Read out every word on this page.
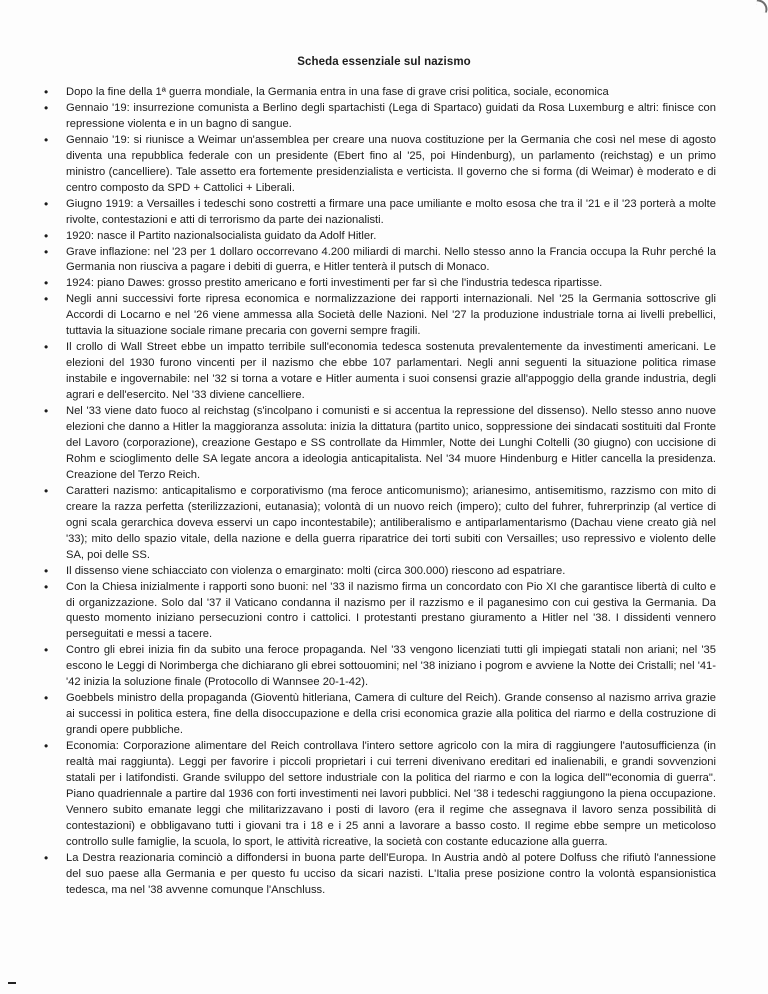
Scheda essenziale sul nazismo
• Dopo la fine della 1ª guerra mondiale, la Germania entra in una fase di grave crisi politica, sociale, economica
• Gennaio '19: insurrezione comunista a Berlino degli spartachisti (Lega di Spartaco) guidati da Rosa Luxemburg e altri: finisce con repressione violenta e in un bagno di sangue.
• Gennaio '19: si riunisce a Weimar un'assemblea per creare una nuova costituzione per la Germania che così nel mese di agosto diventa una repubblica federale con un presidente (Ebert fino al '25, poi Hindenburg), un parlamento (reichstag) e un primo ministro (cancelliere). Tale assetto era fortemente presidenzialista e verticista. Il governo che si forma (di Weimar) è moderato e di centro composto da SPD + Cattolici + Liberali.
• Giugno 1919: a Versailles i tedeschi sono costretti a firmare una pace umiliante e molto esosa che tra il '21 e il '23 porterà a molte rivolte, contestazioni e atti di terrorismo da parte dei nazionalisti.
• 1920: nasce il Partito nazionalsocialista guidato da Adolf Hitler.
• Grave inflazione: nel '23 per 1 dollaro occorrevano 4.200 miliardi di marchi. Nello stesso anno la Francia occupa la Ruhr perché la Germania non riusciva a pagare i debiti di guerra, e Hitler tenterà il putsch di Monaco.
• 1924: piano Dawes: grosso prestito americano e forti investimenti per far sì che l'industria tedesca ripartisse.
• Negli anni successivi forte ripresa economica e normalizzazione dei rapporti internazionali. Nel '25 la Germania sottoscrive gli Accordi di Locarno e nel '26 viene ammessa alla Società delle Nazioni. Nel '27 la produzione industriale torna ai livelli prebellici, tuttavia la situazione sociale rimane precaria con governi sempre fragili.
• Il crollo di Wall Street ebbe un impatto terribile sull'economia tedesca sostenuta prevalentemente da investimenti americani. Le elezioni del 1930 furono vincenti per il nazismo che ebbe 107 parlamentari. Negli anni seguenti la situazione politica rimase instabile e ingovernabile: nel '32 si torna a votare e Hitler aumenta i suoi consensi grazie all'appoggio della grande industria, degli agrari e dell'esercito. Nel '33 diviene cancelliere.
• Nel '33 viene dato fuoco al reichstag (s'incolpano i comunisti e si accentua la repressione del dissenso). Nello stesso anno nuove elezioni che danno a Hitler la maggioranza assoluta: inizia la dittatura (partito unico, soppressione dei sindacati sostituiti dal Fronte del Lavoro (corporazione), creazione Gestapo e SS controllate da Himmler, Notte dei Lunghi Coltelli (30 giugno) con uccisione di Rohm e scioglimento delle SA legate ancora a ideologia anticapitalista. Nel '34 muore Hindenburg e Hitler cancella la presidenza. Creazione del Terzo Reich.
• Caratteri nazismo: anticapitalismo e corporativismo (ma feroce anticomunismo); arianesimo, antisemitismo, razzismo con mito di creare la razza perfetta (sterilizzazioni, eutanasia); volontà di un nuovo reich (impero); culto del fuhrer, fuhrerprinzip (al vertice di ogni scala gerarchica doveva esservi un capo incontestabile); antiliberalismo e antiparlamentarismo (Dachau viene creato già nel '33); mito dello spazio vitale, della nazione e della guerra riparatrice dei torti subiti con Versailles; uso repressivo e violento delle SA, poi delle SS.
• Il dissenso viene schiacciato con violenza o emarginato: molti (circa 300.000) riescono ad espatriare.
• Con la Chiesa inizialmente i rapporti sono buoni: nel '33 il nazismo firma un concordato con Pio XI che garantisce libertà di culto e di organizzazione. Solo dal '37 il Vaticano condanna il nazismo per il razzismo e il paganesimo con cui gestiva la Germania. Da questo momento iniziano persecuzioni contro i cattolici. I protestanti prestano giuramento a Hitler nel '38. I dissidenti vennero perseguitati e messi a tacere.
• Contro gli ebrei inizia fin da subito una feroce propaganda. Nel '33 vengono licenziati tutti gli impiegati statali non ariani; nel '35 escono le Leggi di Norimberga che dichiarano gli ebrei sottouomini; nel '38 iniziano i pogrom e avviene la Notte dei Cristalli; nel '41-'42 inizia la soluzione finale (Protocollo di Wannsee 20-1-42).
• Goebbels ministro della propaganda (Gioventù hitleriana, Camera di culture del Reich). Grande consenso al nazismo arriva grazie ai successi in politica estera, fine della disoccupazione e della crisi economica grazie alla politica del riarmo e della costruzione di grandi opere pubbliche.
• Economia: Corporazione alimentare del Reich controllava l'intero settore agricolo con la mira di raggiungere l'autosufficienza (in realtà mai raggiunta). Leggi per favorire i piccoli proprietari i cui terreni divenivano ereditari ed inalienabili, e grandi sovvenzioni statali per i latifondisti. Grande sviluppo del settore industriale con la politica del riarmo e con la logica dell'"economia di guerra". Piano quadriennale a partire dal 1936 con forti investimenti nei lavori pubblici. Nel '38 i tedeschi raggiungono la piena occupazione. Vennero subito emanate leggi che militarizzavano i posti di lavoro (era il regime che assegnava il lavoro senza possibilità di contestazioni) e obbligavano tutti i giovani tra i 18 e i 25 anni a lavorare a basso costo. Il regime ebbe sempre un meticoloso controllo sulle famiglie, la scuola, lo sport, le attività ricreative, la società con costante educazione alla guerra.
• La Destra reazionaria cominciò a diffondersi in buona parte dell'Europa. In Austria andò al potere Dolfuss che rifiutò l'annessione del suo paese alla Germania e per questo fu ucciso da sicari nazisti. L'Italia prese posizione contro la volontà espansionistica tedesca, ma nel '38 avvenne comunque l'Anschluss.
